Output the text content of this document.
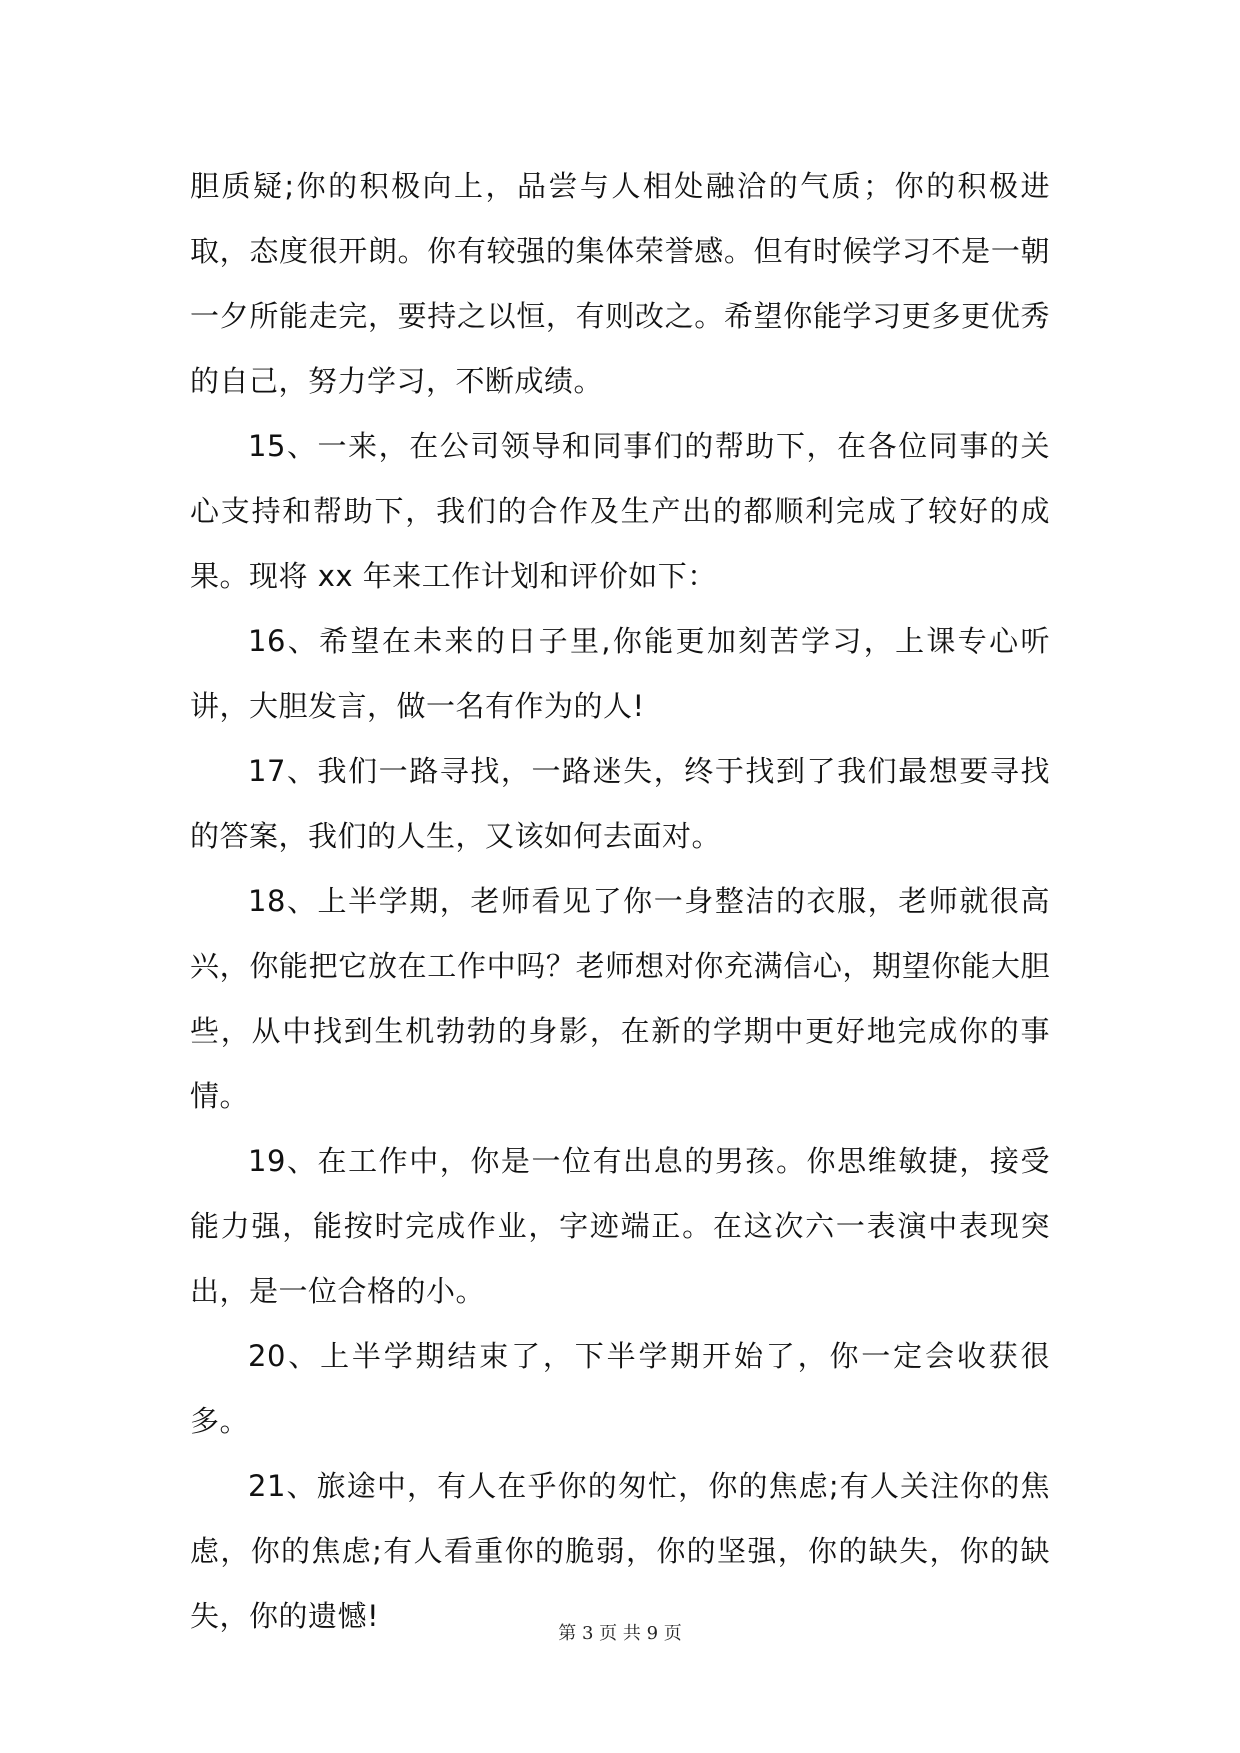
胆质疑;你的积极向上，品尝与人相处融洽的气质；你的积极进取，态度很开朗。你有较强的集体荣誉感。但有时候学习不是一朝一夕所能走完，要持之以恒，有则改之。希望你能学习更多更优秀的自己，努力学习，不断成绩。

15、一来，在公司领导和同事们的帮助下，在各位同事的关心支持和帮助下，我们的合作及生产出的都顺利完成了较好的成果。现将 xx 年来工作计划和评价如下：

16、希望在未来的日子里,你能更加刻苦学习，上课专心听讲，大胆发言，做一名有作为的人!

17、我们一路寻找，一路迷失，终于找到了我们最想要寻找的答案，我们的人生，又该如何去面对。

18、上半学期，老师看见了你一身整洁的衣服，老师就很高兴，你能把它放在工作中吗？老师想对你充满信心，期望你能大胆些，从中找到生机勃勃的身影，在新的学期中更好地完成你的事情。

19、在工作中，你是一位有出息的男孩。你思维敏捷，接受能力强，能按时完成作业，字迹端正。在这次六一表演中表现突出，是一位合格的小。

20、上半学期结束了，下半学期开始了，你一定会收获很多。

21、旅途中，有人在乎你的匆忙，你的焦虑;有人关注你的焦虑，你的焦虑;有人看重你的脆弱，你的坚强，你的缺失，你的缺失，你的遗憾!

第 3 页 共 9 页
